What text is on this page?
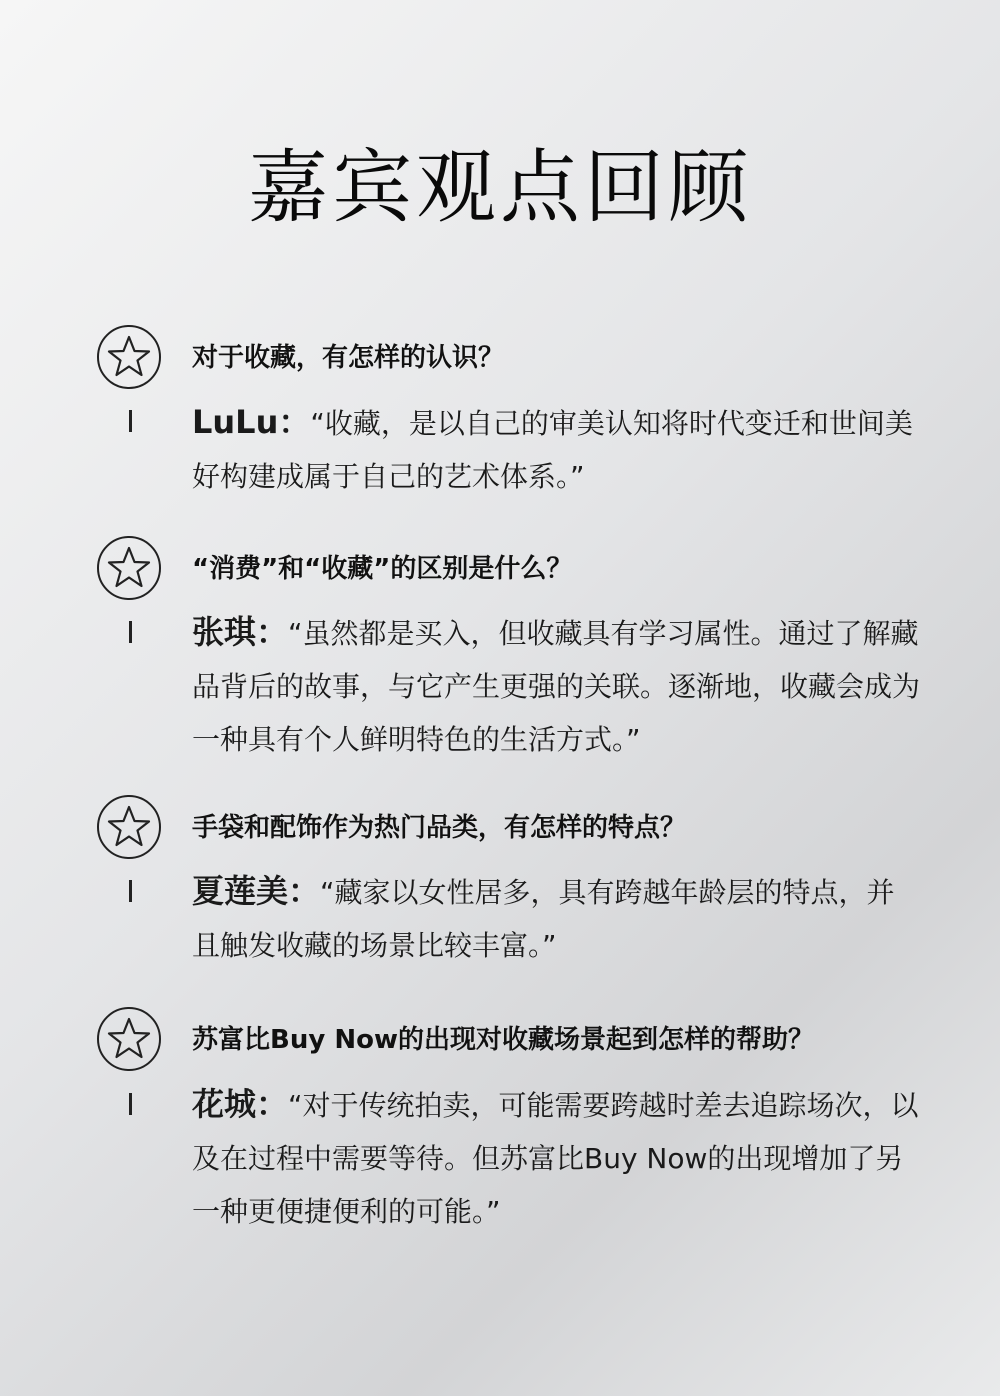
嘉宾观点回顾
对于收藏，有怎样的认识？
LuLu：“收藏，是以自己的审美认知将时代变迁和世间美好构建成属于自己的艺术体系。”
“消费”和“收藏”的区别是什么？
张琪：“虽然都是买入，但收藏具有学习属性。通过了解藏品背后的故事，与它产生更强的关联。逐渐地，收藏会成为一种具有个人鲜明特色的生活方式。”
手袋和配饰作为热门品类，有怎样的特点？
夏莲美：“藏家以女性居多，具有跨越年龄层的特点，并且触发收藏的场景比较丰富。”
苏富比Buy Now的出现对收藏场景起到怎样的帮助？
花城：“对于传统拍卖，可能需要跨越时差去追踪场次，以及在过程中需要等待。但苏富比Buy Now的出现增加了另一种更便捷便利的可能。”
